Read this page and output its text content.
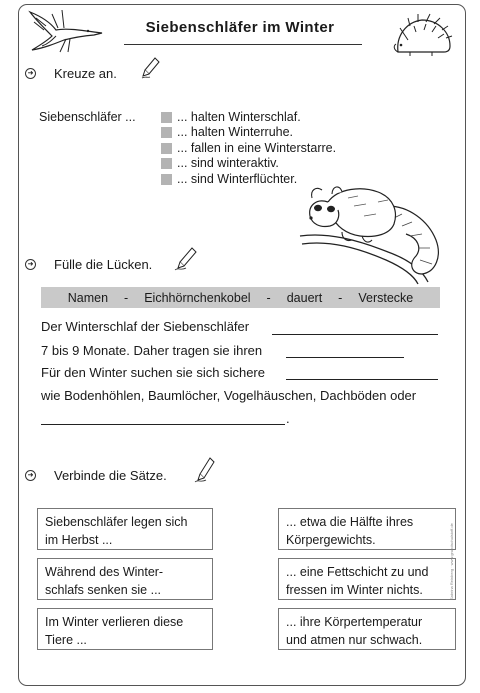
Siebenschläfer im Winter
➜ Kreuze an.
Siebenschläfer ...	... halten Winterschlaf.
... halten Winterruhe.
... fallen in eine Winterstarre.
... sind winteraktiv.
... sind Winterflüchter.
➜ Fülle die Lücken.
Namen - Eichhörnchenkobel - dauert - Verstecke
Der Winterschlaf der Siebenschläfer
7 bis 9 Monate. Daher tragen sie ihren
Für den Winter suchen sie sich sichere
wie Bodenhöhlen, Baumlöcher, Vogelhäuschen, Dachböden oder
.
➜ Verbinde die Sätze.
Siebenschläfer legen sich
im Herbst ...
Während des Winter-
schlafs senken sie ...
Im Winter verlieren diese
Tiere ...
... etwa die Hälfte ihres
Körpergewichts.
... eine Fettschicht zu und
fressen im Winter nichts.
... ihre Körpertemperatur
und atmen nur schwach.
Sabrina Reinberg · www.grundschulstoff.de
